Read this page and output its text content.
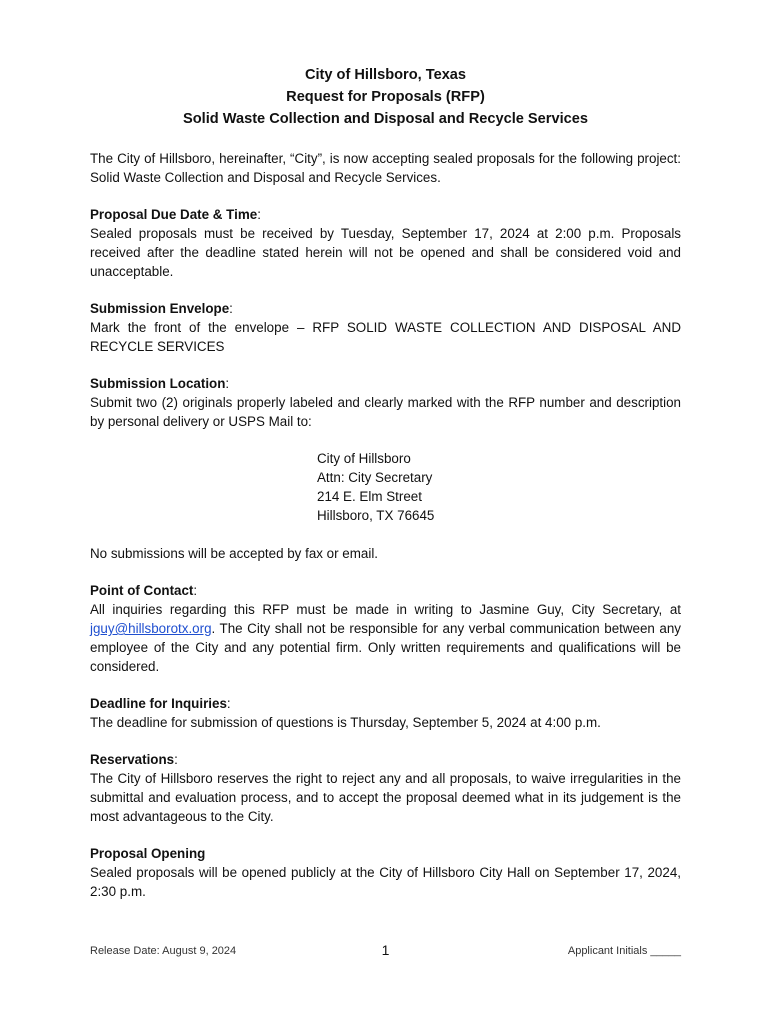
City of Hillsboro, Texas
Request for Proposals (RFP)
Solid Waste Collection and Disposal and Recycle Services

The City of Hillsboro, hereinafter, “City”, is now accepting sealed proposals for the following project: Solid Waste Collection and Disposal and Recycle Services.

Proposal Due Date & Time:

Sealed proposals must be received by Tuesday, September 17, 2024 at 2:00 p.m. Proposals received after the deadline stated herein will not be opened and shall be considered void and unacceptable.

Submission Envelope:

Mark the front of the envelope – RFP SOLID WASTE COLLECTION AND DISPOSAL AND RECYCLE SERVICES

Submission Location:

Submit two (2) originals properly labeled and clearly marked with the RFP number and description by personal delivery or USPS Mail to:

City of Hillsboro
Attn: City Secretary
214 E. Elm Street
Hillsboro, TX 76645

No submissions will be accepted by fax or email.

Point of Contact:

All inquiries regarding this RFP must be made in writing to Jasmine Guy, City Secretary, at jguy@hillsborotx.org. The City shall not be responsible for any verbal communication between any employee of the City and any potential firm. Only written requirements and qualifications will be considered.

Deadline for Inquiries:

The deadline for submission of questions is Thursday, September 5, 2024 at 4:00 p.m.

Reservations:

The City of Hillsboro reserves the right to reject any and all proposals, to waive irregularities in the submittal and evaluation process, and to accept the proposal deemed what in its judgement is the most advantageous to the City.

Proposal Opening

Sealed proposals will be opened publicly at the City of Hillsboro City Hall on September 17, 2024, 2:30 p.m.

Release Date: August 9, 2024	1	Applicant Initials _____
